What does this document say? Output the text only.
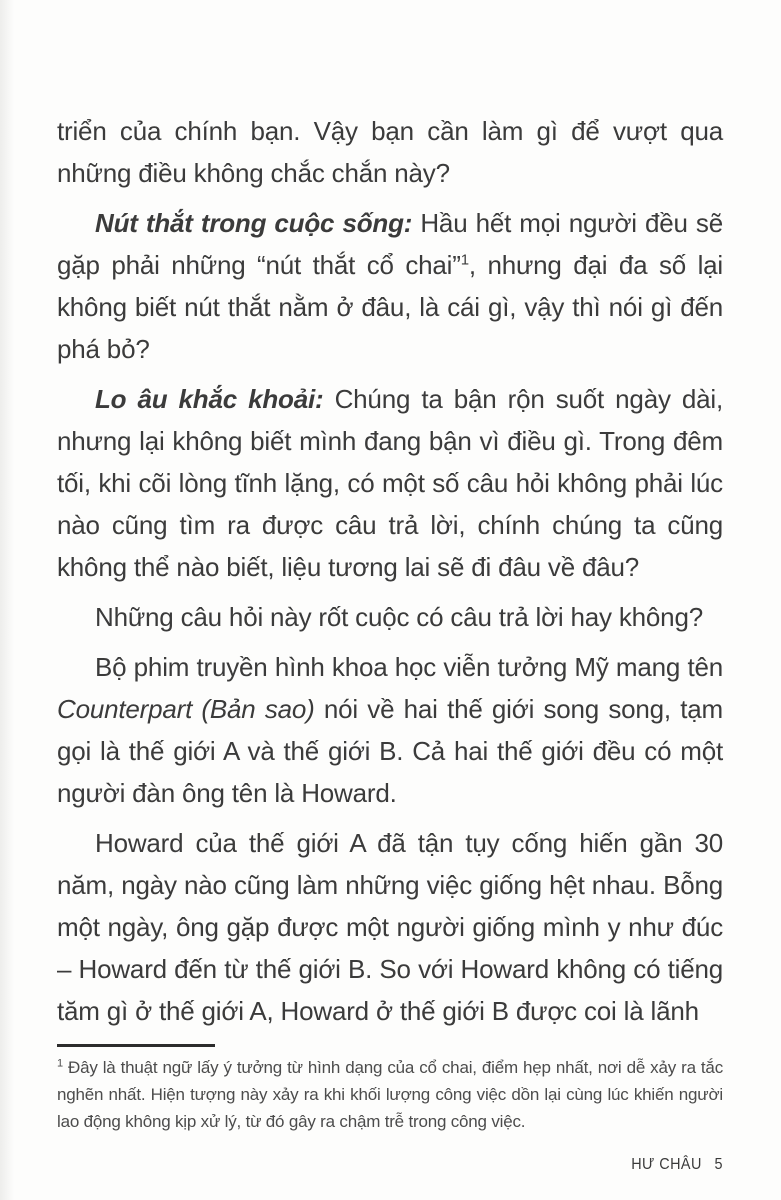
triển của chính bạn. Vậy bạn cần làm gì để vượt qua những điều không chắc chắn này?

Nút thắt trong cuộc sống: Hầu hết mọi người đều sẽ gặp phải những “nút thắt cổ chai”$^1$, nhưng đại đa số lại không biết nút thắt nằm ở đâu, là cái gì, vậy thì nói gì đến phá bỏ?

Lo âu khắc khoải: Chúng ta bận rộn suốt ngày dài, nhưng lại không biết mình đang bận vì điều gì. Trong đêm tối, khi cõi lòng tĩnh lặng, có một số câu hỏi không phải lúc nào cũng tìm ra được câu trả lời, chính chúng ta cũng không thể nào biết, liệu tương lai sẽ đi đâu về đâu?

Những câu hỏi này rốt cuộc có câu trả lời hay không?

Bộ phim truyền hình khoa học viễn tưởng Mỹ mang tên Counterpart (Bản sao) nói về hai thế giới song song, tạm gọi là thế giới A và thế giới B. Cả hai thế giới đều có một người đàn ông tên là Howard.

Howard của thế giới A đã tận tụy cống hiến gần 30 năm, ngày nào cũng làm những việc giống hệt nhau. Bỗng một ngày, ông gặp được một người giống mình y như đúc – Howard đến từ thế giới B. So với Howard không có tiếng tăm gì ở thế giới A, Howard ở thế giới B được coi là lãnh

$^1$ Đây là thuật ngữ lấy ý tưởng từ hình dạng của cổ chai, điểm hẹp nhất, nơi dễ xảy ra tắc nghẽn nhất. Hiện tượng này xảy ra khi khối lượng công việc dồn lại cùng lúc khiến người lao động không kịp xử lý, từ đó gây ra chậm trễ trong công việc.
HƯ CHÂU 5
